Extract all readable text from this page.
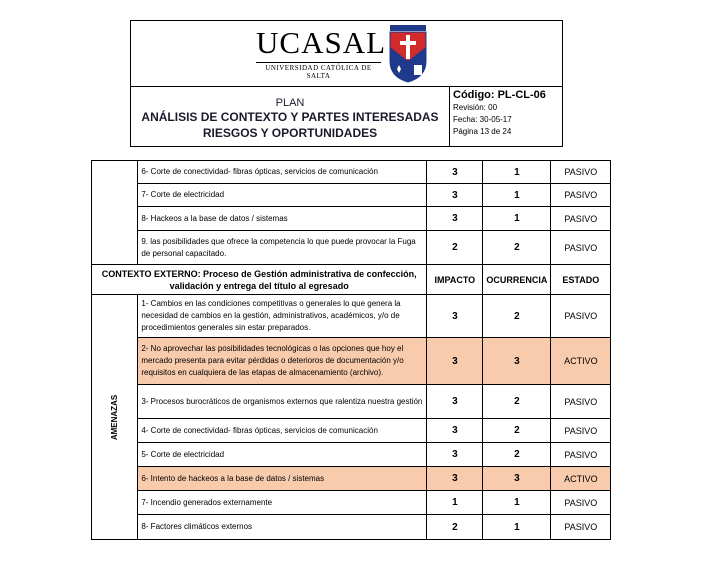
UCASAL
UNIVERSIDAD CATÓLICA DE SALTA
PLAN
ANÁLISIS DE CONTEXTO Y PARTES INTERESADAS
RIESGOS Y OPORTUNIDADES
Código: PL-CL-06
Revisión: 00
Fecha: 30-05-17
Página 13 de 24
	6- Corte de conectividad- fibras ópticas, servicios de comunicación	3	1	PASIVO
	7- Corte de electricidad	3	1	PASIVO
	8- Hackeos a la base de datos / sistemas	3	1	PASIVO
	9. las posibilidades que ofrece la competencia lo que puede provocar la Fuga de personal capacitado.	2	2	PASIVO
CONTEXTO EXTERNO: Proceso de Gestión administrativa de confección, validación y entrega del título al egresado		IMPACTO	OCURRENCIA	ESTADO
AMENAZAS	1- Cambios en las condiciones competitivas o generales lo que genera la necesidad de cambios en la gestión, administrativos, académicos, y/o de procedimientos generales sin estar preparados.	3	2	PASIVO
	2- No aprovechar las posibilidades tecnológicas o las opciones que hoy el mercado presenta para evitar pérdidas o deterioros de documentación y/o requisitos en cualquiera de las etapas de almacenamiento (archivo).	3	3	ACTIVO
	3- Procesos burocráticos de organismos externos que ralentiza nuestra gestión	3	2	PASIVO
	4- Corte de conectividad- fibras ópticas, servicios de comunicación	3	2	PASIVO
	5- Corte de electricidad	3	2	PASIVO
	6- Intento de hackeos a la base de datos / sistemas	3	3	ACTIVO
	7- Incendio generados externamente	1	1	PASIVO
	8- Factores climáticos externos	2	1	PASIVO
